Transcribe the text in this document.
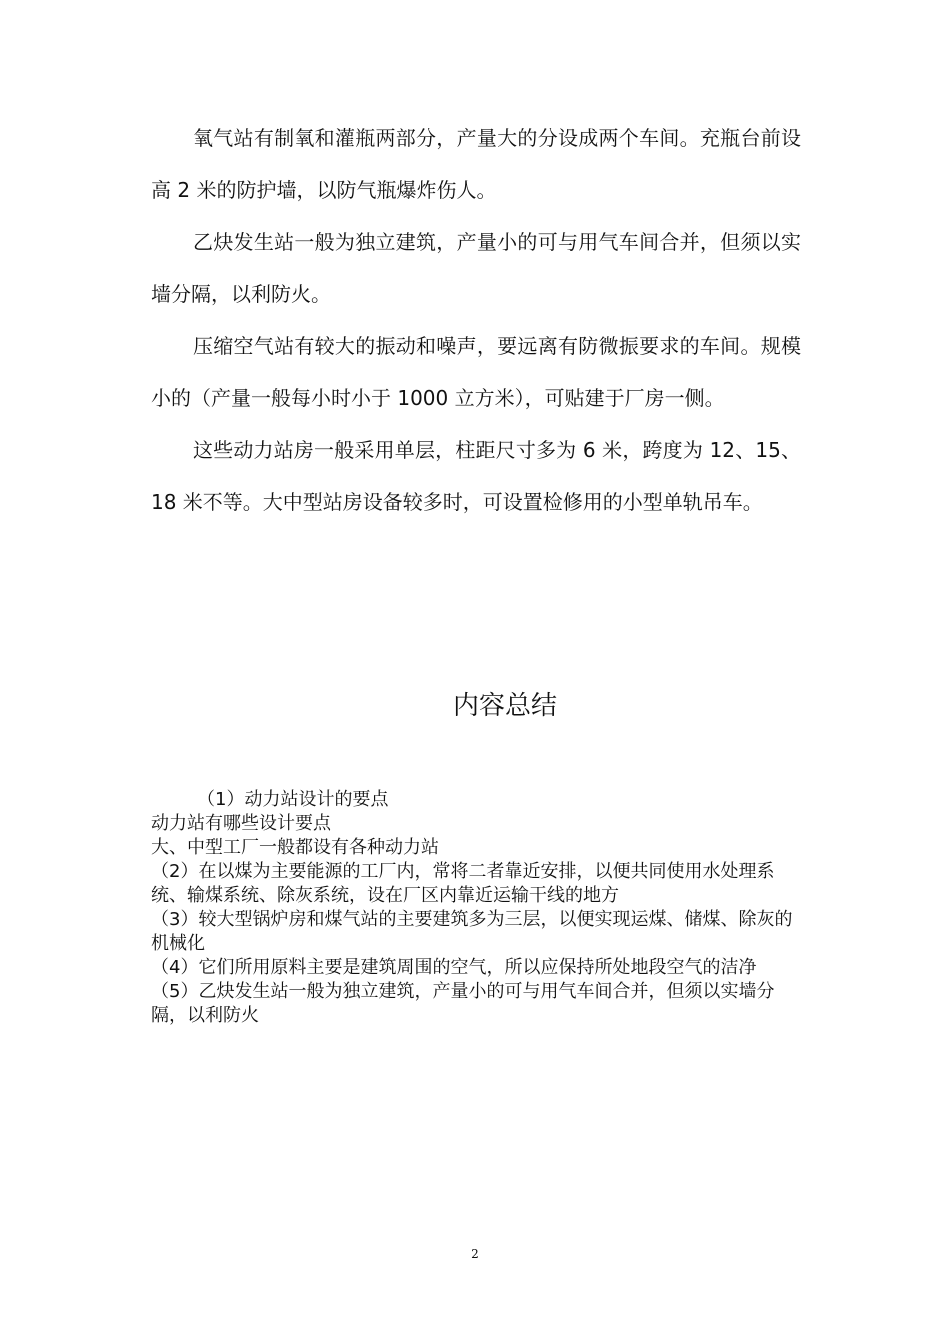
氧气站有制氧和灌瓶两部分，产量大的分设成两个车间。充瓶台前设高 2 米的防护墙，以防气瓶爆炸伤人。

乙炔发生站一般为独立建筑，产量小的可与用气车间合并，但须以实墙分隔，以利防火。

压缩空气站有较大的振动和噪声，要远离有防微振要求的车间。规模小的（产量一般每小时小于 1000 立方米），可贴建于厂房一侧。

这些动力站房一般采用单层，柱距尺寸多为 6 米，跨度为 12、15、18 米不等。大中型站房设备较多时，可设置检修用的小型单轨吊车。

内容总结

（1）动力站设计的要点

动力站有哪些设计要点

大、中型工厂一般都设有各种动力站

（2）在以煤为主要能源的工厂内，常将二者靠近安排，以便共同使用水处理系统、输煤系统、除灰系统，设在厂区内靠近运输干线的地方

（3）较大型锅炉房和煤气站的主要建筑多为三层，以便实现运煤、储煤、除灰的机械化

（4）它们所用原料主要是建筑周围的空气，所以应保持所处地段空气的洁净

（5）乙炔发生站一般为独立建筑，产量小的可与用气车间合并，但须以实墙分隔，以利防火

2
